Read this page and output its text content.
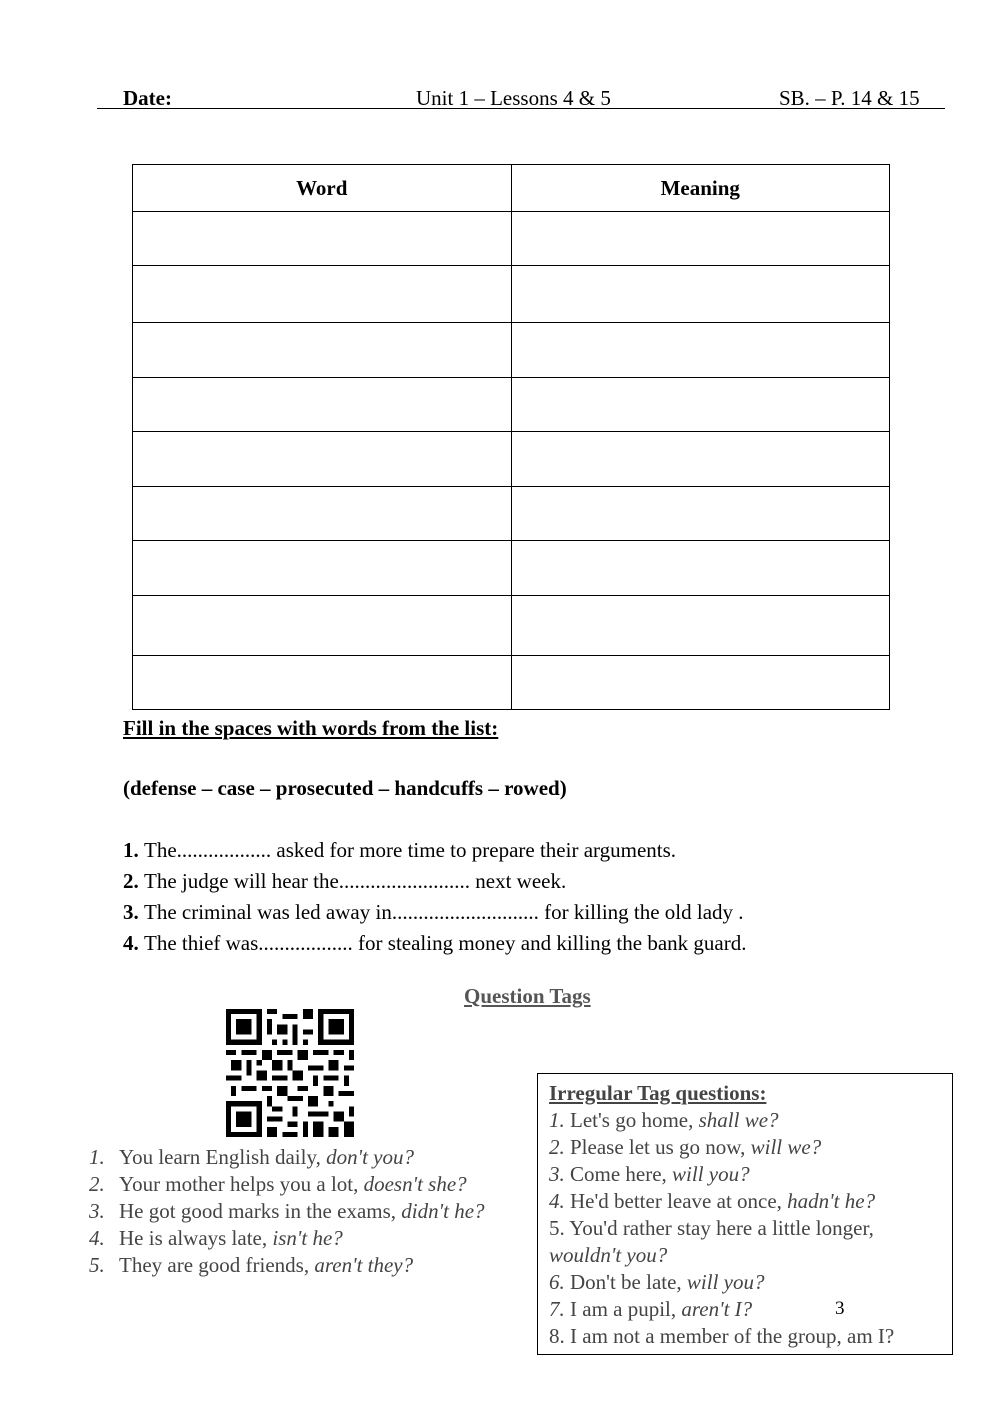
Date:	Unit 1 – Lessons 4 & 5	SB. – P. 14 & 15
Word	Meaning

Fill in the spaces with words from the list:
(defense – case – prosecuted – handcuffs – rowed)
1. The.................. asked for more time to prepare their arguments.
2. The judge will hear the......................... next week.
3. The criminal was led away in............................ for killing the old lady .
4. The thief was.................. for stealing money and killing the bank guard.
Question Tags
1. You learn English daily, don't you?
2. Your mother helps you a lot, doesn't she?
3. He got good marks in the exams, didn't he?
4. He is always late, isn't he?
5. They are good friends, aren't they?
Irregular Tag questions:
1. Let's go home, shall we?
2. Please let us go now, will we?
3. Come here, will you?
4. He'd better leave at once, hadn't he?
5. You'd rather stay here a little longer,
wouldn't you?
6. Don't be late, will you?
7. I am a pupil, aren't I?
8. I am not a member of the group, am I?
3
